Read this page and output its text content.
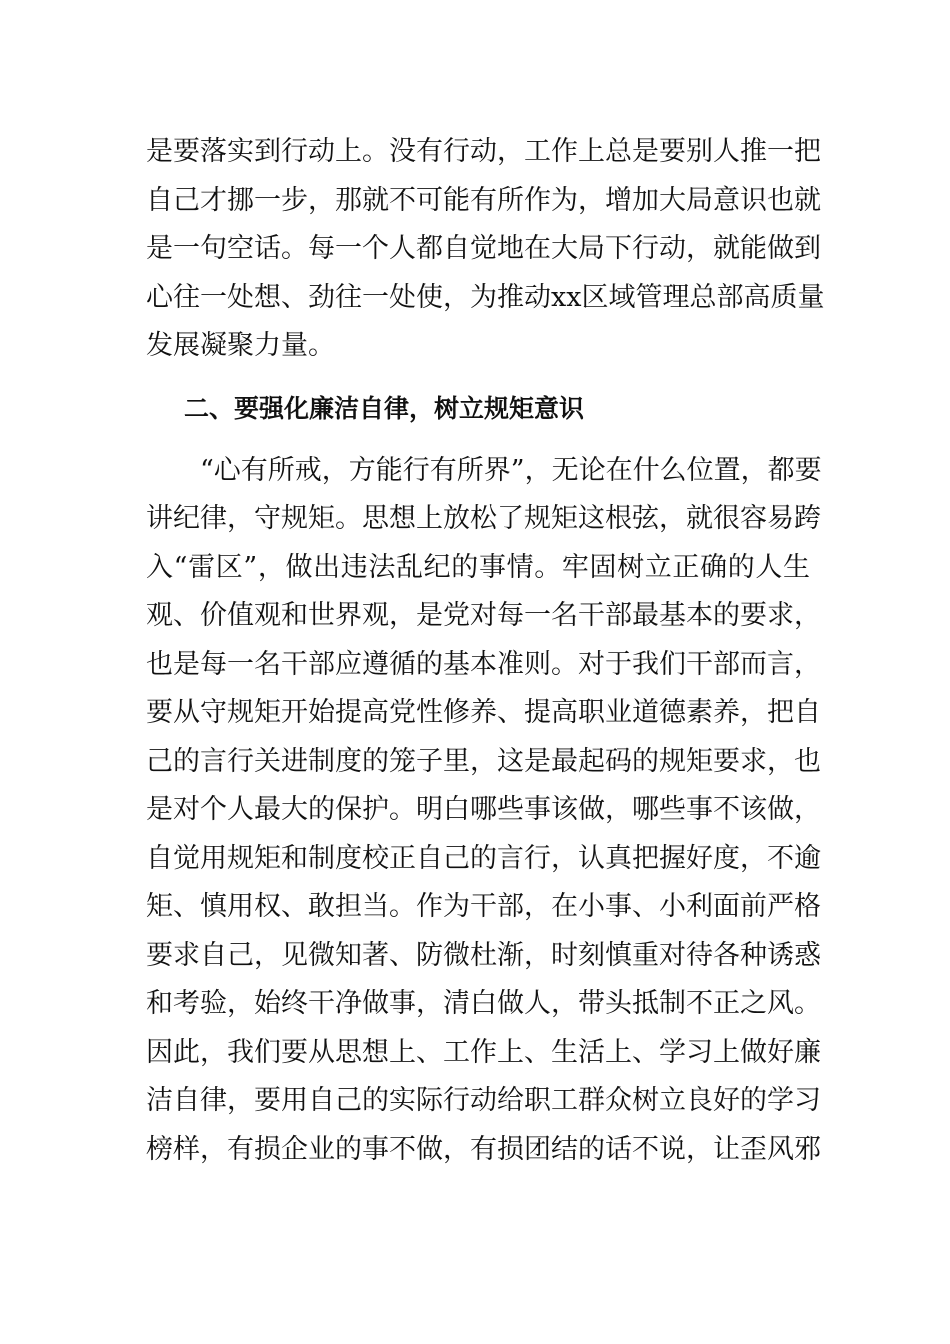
是要落实到行动上。没有行动，工作上总是要别人推一把
自己才挪一步，那就不可能有所作为，增加大局意识也就
是一句空话。每一个人都自觉地在大局下行动，就能做到
心往一处想、劲往一处使，为推动xx区域管理总部高质量
发展凝聚力量。
二、要强化廉洁自律，树立规矩意识
“心有所戒，方能行有所界”，无论在什么位置，都要
讲纪律，守规矩。思想上放松了规矩这根弦，就很容易跨
入“雷区”，做出违法乱纪的事情。牢固树立正确的人生
观、价值观和世界观，是党对每一名干部最基本的要求，
也是每一名干部应遵循的基本准则。对于我们干部而言，
要从守规矩开始提高党性修养、提高职业道德素养，把自
己的言行关进制度的笼子里，这是最起码的规矩要求，也
是对个人最大的保护。明白哪些事该做，哪些事不该做，
自觉用规矩和制度校正自己的言行，认真把握好度，不逾
矩、慎用权、敢担当。作为干部，在小事、小利面前严格
要求自己，见微知著、防微杜渐，时刻慎重对待各种诱惑
和考验，始终干净做事，清白做人，带头抵制不正之风。
因此，我们要从思想上、工作上、生活上、学习上做好廉
洁自律，要用自己的实际行动给职工群众树立良好的学习
榜样，有损企业的事不做，有损团结的话不说，让歪风邪
